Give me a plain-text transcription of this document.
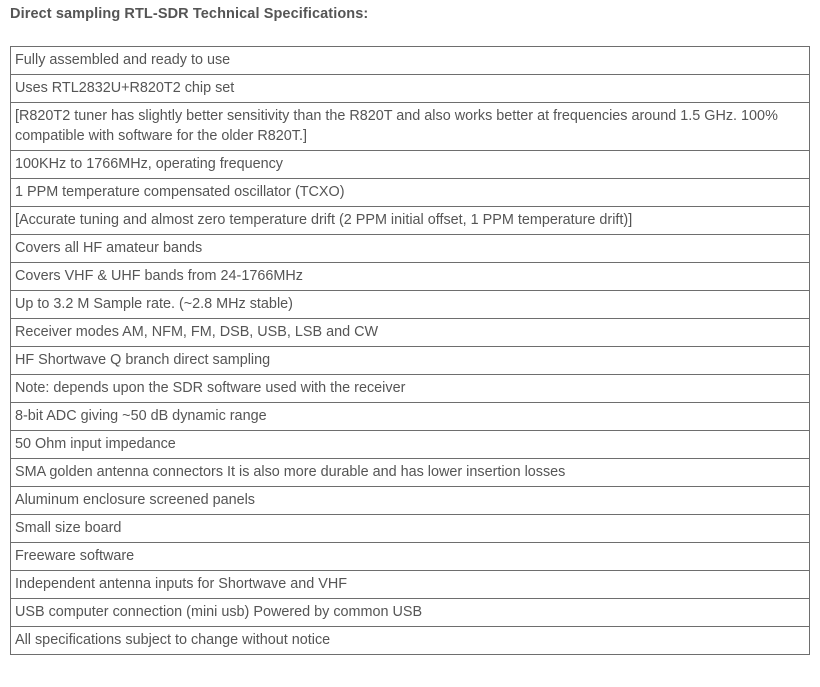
Direct sampling RTL-SDR Technical Specifications:
Fully assembled and ready to use
Uses RTL2832U+R820T2 chip set
[R820T2 tuner has slightly better sensitivity than the R820T and also works better at frequencies around 1.5 GHz. 100% compatible with software for the older R820T.]
100KHz to 1766MHz, operating frequency
1 PPM temperature compensated oscillator (TCXO)
[Accurate tuning and almost zero temperature drift (2 PPM initial offset, 1 PPM temperature drift)]
Covers all HF amateur bands
Covers VHF & UHF bands from 24-1766MHz
Up to 3.2 M Sample rate. (~2.8 MHz stable)
Receiver modes AM, NFM, FM, DSB, USB, LSB and CW
HF Shortwave Q branch direct sampling
Note: depends upon the SDR software used with the receiver
8-bit ADC giving ~50 dB dynamic range
50 Ohm input impedance
SMA golden antenna connectors It is also more durable and has lower insertion losses
Aluminum enclosure screened panels
Small size board
Freeware software
Independent antenna inputs for Shortwave and VHF
USB computer connection (mini usb) Powered by common USB
All specifications subject to change without notice
